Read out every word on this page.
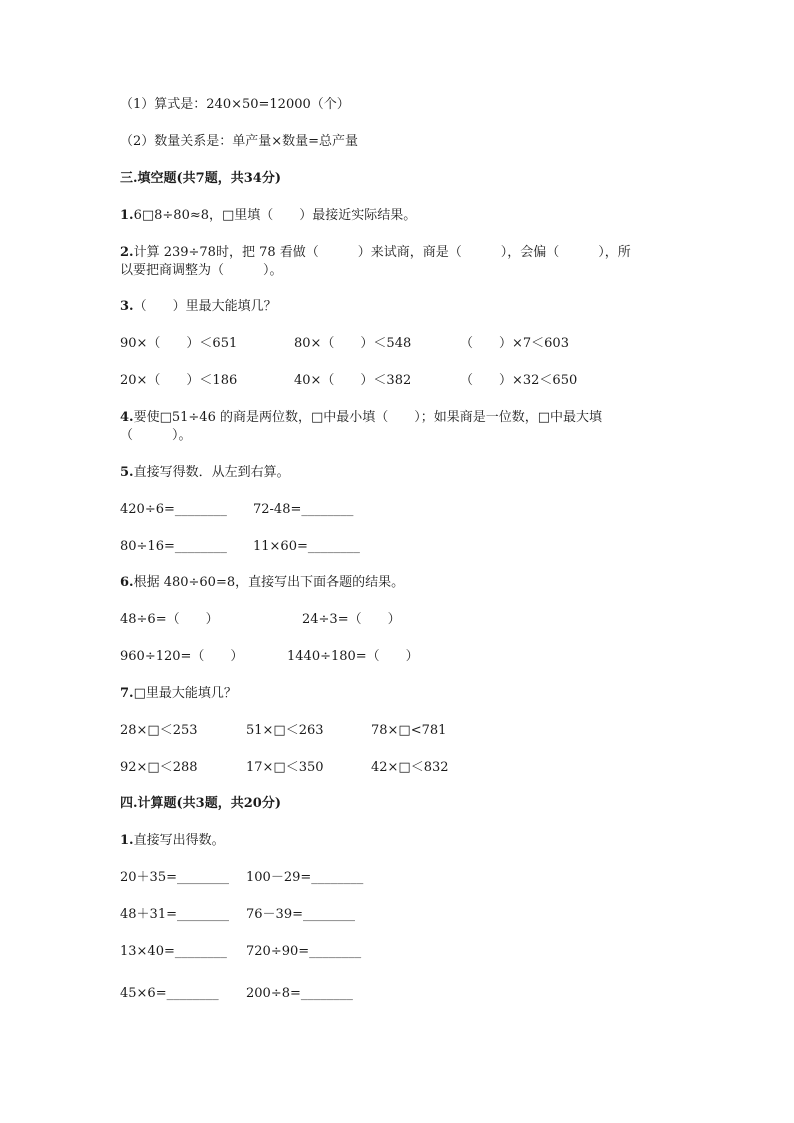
（1）算式是：240×50=12000（个）
（2）数量关系是：单产量×数量=总产量
三.填空题(共7题，共34分)
1.6□8÷80≈8，□里填（　　）最接近实际结果。
2.计算 239÷78时，把 78 看做（　　　）来试商，商是（　　　），会偏（　　　），所
以要把商调整为（　　　）。
3.（　　）里最大能填几？
90×（　　）＜651	80×（　　）＜548	（　　）×7＜603
20×（　　）＜186	40×（　　）＜382	（　　）×32＜650
4.要使□51÷46 的商是两位数，□中最小填（　　）；如果商是一位数，□中最大填
（　　　）。
5.直接写得数．从左到右算。
420÷6=________ 72-48=________
80÷16=________ 11×60=________
6.根据 480÷60=8，直接写出下面各题的结果。
48÷6=（　　）	24÷3=（　　）
960÷120=（　　）	1440÷180=（　　）
7.□里最大能填几？
28×□＜253	51×□＜263	78×□<781
92×□＜288	17×□＜350	42×□＜832
四.计算题(共3题，共20分)
1.直接写出得数。
20＋35=________ 100－29=________
48＋31=________ 76－39=________
13×40=________ 720÷90=________
45×6=________ 200÷8=________
